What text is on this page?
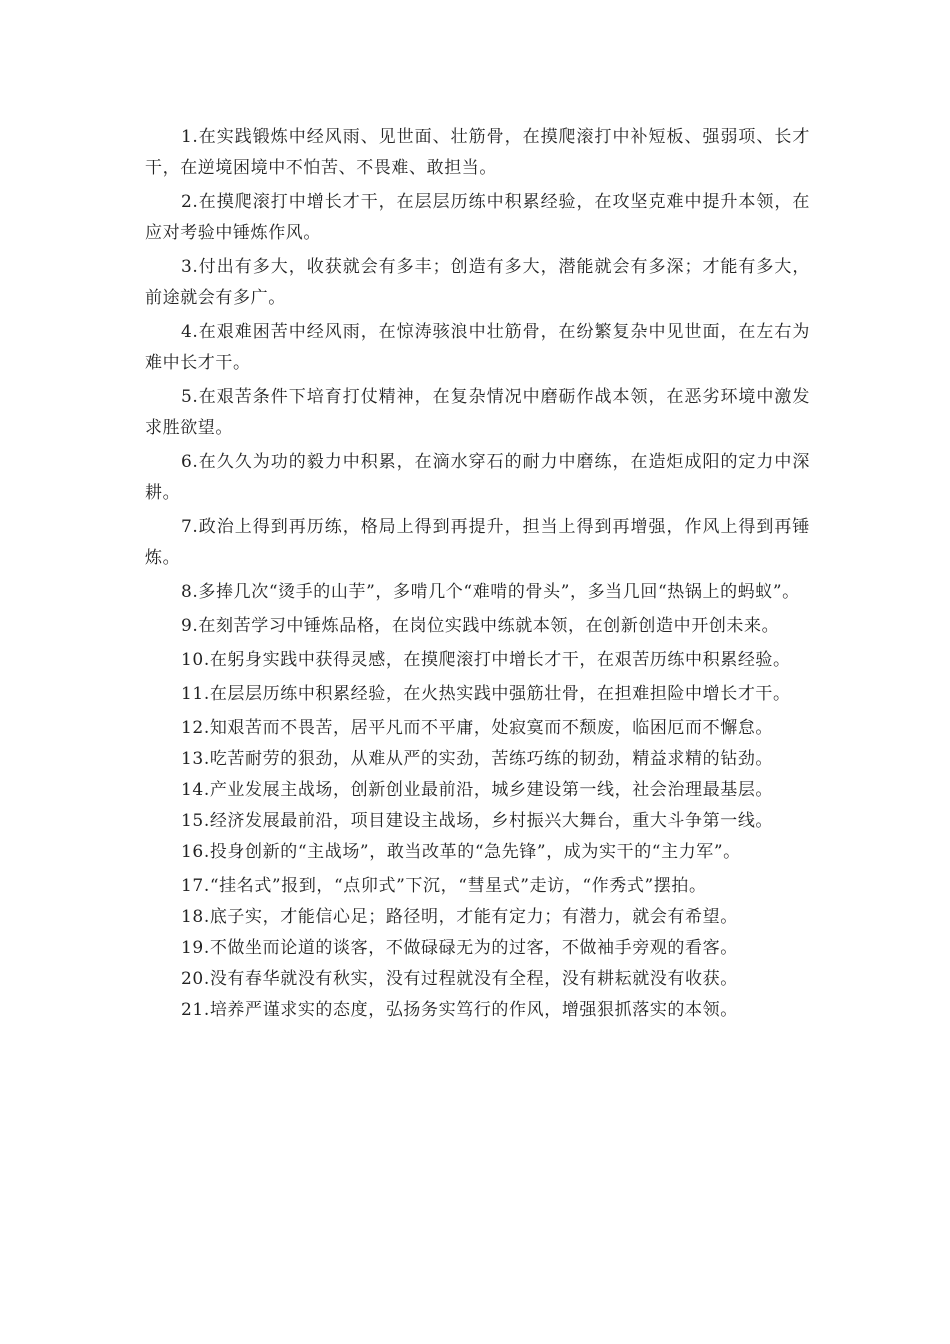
1.在实践锻炼中经风雨、见世面、壮筋骨，在摸爬滚打中补短板、强弱项、长才干，在逆境困境中不怕苦、不畏难、敢担当。

2.在摸爬滚打中增长才干，在层层历练中积累经验，在攻坚克难中提升本领，在应对考验中锤炼作风。

3.付出有多大，收获就会有多丰；创造有多大，潜能就会有多深；才能有多大，前途就会有多广。

4.在艰难困苦中经风雨，在惊涛骇浪中壮筋骨，在纷繁复杂中见世面，在左右为难中长才干。

5.在艰苦条件下培育打仗精神，在复杂情况中磨砺作战本领，在恶劣环境中激发求胜欲望。

6.在久久为功的毅力中积累，在滴水穿石的耐力中磨练，在造炬成阳的定力中深耕。

7.政治上得到再历练，格局上得到再提升，担当上得到再增强，作风上得到再锤炼。

8.多捧几次“烫手的山芋”，多啃几个“难啃的骨头”，多当几回“热锅上的蚂蚁”。

9.在刻苦学习中锤炼品格，在岗位实践中练就本领，在创新创造中开创未来。

10.在躬身实践中获得灵感，在摸爬滚打中增长才干，在艰苦历练中积累经验。

11.在层层历练中积累经验，在火热实践中强筋壮骨，在担难担险中增长才干。

12.知艰苦而不畏苦，居平凡而不平庸，处寂寞而不颓废，临困厄而不懈怠。

13.吃苦耐劳的狠劲，从难从严的实劲，苦练巧练的韧劲，精益求精的钻劲。

14.产业发展主战场，创新创业最前沿，城乡建设第一线，社会治理最基层。

15.经济发展最前沿，项目建设主战场，乡村振兴大舞台，重大斗争第一线。

16.投身创新的“主战场”，敢当改革的“急先锋”，成为实干的“主力军”。

17.“挂名式”报到，“点卯式”下沉，“彗星式”走访，“作秀式”摆拍。

18.底子实，才能信心足；路径明，才能有定力；有潜力，就会有希望。

19.不做坐而论道的谈客，不做碌碌无为的过客，不做袖手旁观的看客。

20.没有春华就没有秋实，没有过程就没有全程，没有耕耘就没有收获。

21.培养严谨求实的态度，弘扬务实笃行的作风，增强狠抓落实的本领。
